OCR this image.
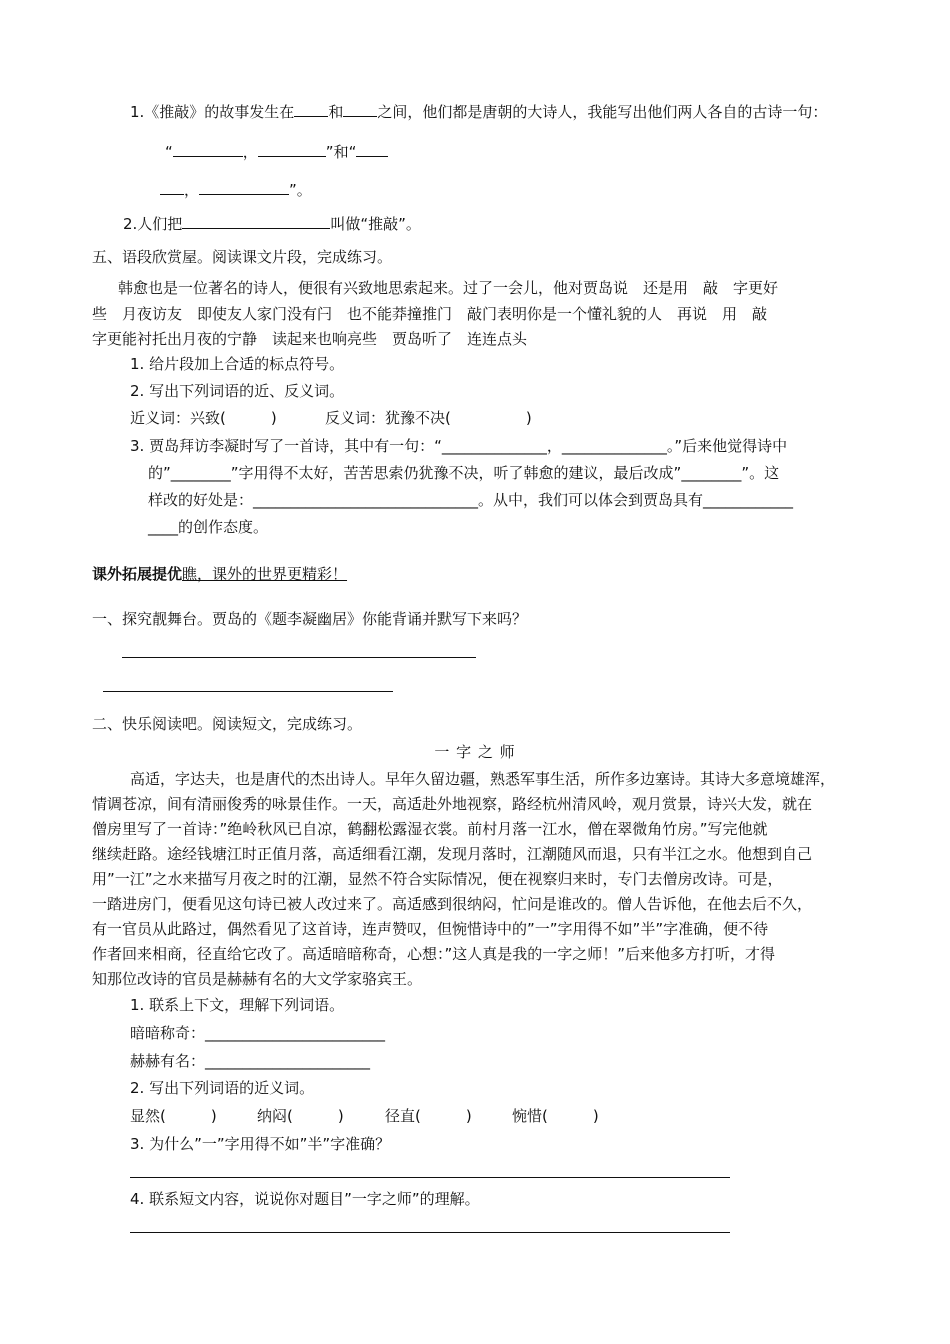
1.《推敲》的故事发生在 和 之间，他们都是唐朝的大诗人，我能写出他们两人各自的古诗一句：
“	，	”和“
，	”。
2.人们把	叫做“推敲”。
五、语段欣赏屋。阅读课文片段，完成练习。
韩愈也是一位著名的诗人，便很有兴致地思索起来。过了一会儿，他对贾岛说　还是用　敲　字更好
些　月夜访友　即使友人家门没有闩　也不能莽撞推门　敲门表明你是一个懂礼貌的人　再说　用　敲
字更能衬托出月夜的宁静　读起来也响亮些　贾岛听了　连连点头
1. 给片段加上合适的标点符号。
2. 写出下列词语的近、反义词。
近义词：兴致(　　　)	反义词：犹豫不决(　　　　　)
3. 贾岛拜访李凝时写了一首诗，其中有一句：“______________，______________。”后来他觉得诗中
的”________”字用得不太好，苦苦思索仍犹豫不决，听了韩愈的建议，最后改成”________”。这
样改的好处是：______________________________。从中，我们可以体会到贾岛具有____________
____的创作态度。
课外拓展提优瞧，课外的世界更精彩！
一、探究靓舞台。贾岛的《题李凝幽居》你能背诵并默写下来吗？
二、快乐阅读吧。阅读短文，完成练习。
一 字 之 师
高适，字达夫，也是唐代的杰出诗人。早年久留边疆，熟悉军事生活，所作多边塞诗。其诗大多意境雄浑，
情调苍凉，间有清丽俊秀的咏景佳作。一天，高适赴外地视察，路经杭州清风岭，观月赏景，诗兴大发，就在
僧房里写了一首诗：”绝岭秋风已自凉，鹤翻松露湿衣裳。前村月落一江水，僧在翠微角竹房。”写完他就
继续赶路。途经钱塘江时正值月落，高适细看江潮，发现月落时，江潮随风而退，只有半江之水。他想到自己
用”一江”之水来描写月夜之时的江潮，显然不符合实际情况，便在视察归来时，专门去僧房改诗。可是，
一踏进房门，便看见这句诗已被人改过来了。高适感到很纳闷，忙问是谁改的。僧人告诉他，在他去后不久，
有一官员从此路过，偶然看见了这首诗，连声赞叹，但惋惜诗中的”一”字用得不如”半”字准确，便不待
作者回来相商，径直给它改了。高适暗暗称奇，心想：”这人真是我的一字之师！”后来他多方打听，才得
知那位改诗的官员是赫赫有名的大文学家骆宾王。
1. 联系上下文，理解下列词语。
暗暗称奇：________________________
赫赫有名：______________________
2. 写出下列词语的近义词。
显然(　　　)	纳闷(　　　)	径直(　　　)	惋惜(　　　)
3. 为什么”一”字用得不如”半”字准确？
4. 联系短文内容，说说你对题目”一字之师”的理解。
